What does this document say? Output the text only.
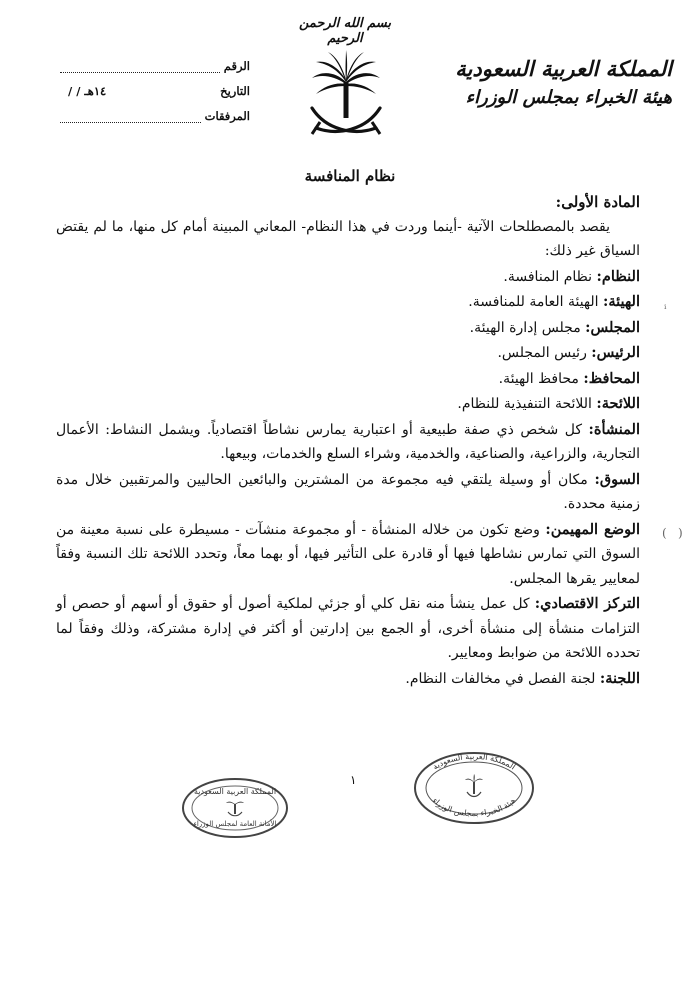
بسم الله الرحمن الرحيم
الرقم
التاريخ
/ / ١٤هـ
المرفقات
المملكة العربية السعودية
هيئة الخبراء بمجلس الوزراء
نظام المنافسة
المادة الأولى:
يقصد بالمصطلحات الآتية -أينما وردت في هذا النظام- المعاني المبينة أمام كل منها، ما لم يقتض السياق غير ذلك:
النظام: نظام المنافسة.
الهيئة: الهيئة العامة للمنافسة.
المجلس: مجلس إدارة الهيئة.
الرئيس: رئيس المجلس.
المحافظ: محافظ الهيئة.
اللائحة: اللائحة التنفيذية للنظام.
المنشأة: كل شخص ذي صفة طبيعية أو اعتبارية يمارس نشاطاً اقتصادياً. ويشمل النشاط: الأعمال التجارية، والزراعية، والصناعية، والخدمية، وشراء السلع والخدمات، وبيعها.
السوق: مكان أو وسيلة يلتقي فيه مجموعة من المشترين والبائعين الحاليين والمرتقبين خلال مدة زمنية محددة.
الوضع المهيمن: وضع تكون من خلاله المنشأة - أو مجموعة منشآت - مسيطرة على نسبة معينة من السوق التي تمارس نشاطها فيها أو قادرة على التأثير فيها، أو بهما معاً، وتحدد اللائحة تلك النسبة وفقاً لمعايير يقرها المجلس.
التركز الاقتصادي: كل عمل ينشأ منه نقل كلي أو جزئي لملكية أصول أو حقوق أو أسهم أو حصص أو التزامات منشأة إلى منشأة أخرى، أو الجمع بين إدارتين أو أكثر في إدارة مشتركة، وذلك وفقاً لما تحدده اللائحة من ضوابط ومعايير.
اللجنة: لجنة الفصل في مخالفات النظام.
ⁱ
( )
١
المملكة العربية السعودية
هيئة الخبراء بمجلس الوزراء
المملكة العربية السعودية
الأمانة العامة لمجلس الوزراء
